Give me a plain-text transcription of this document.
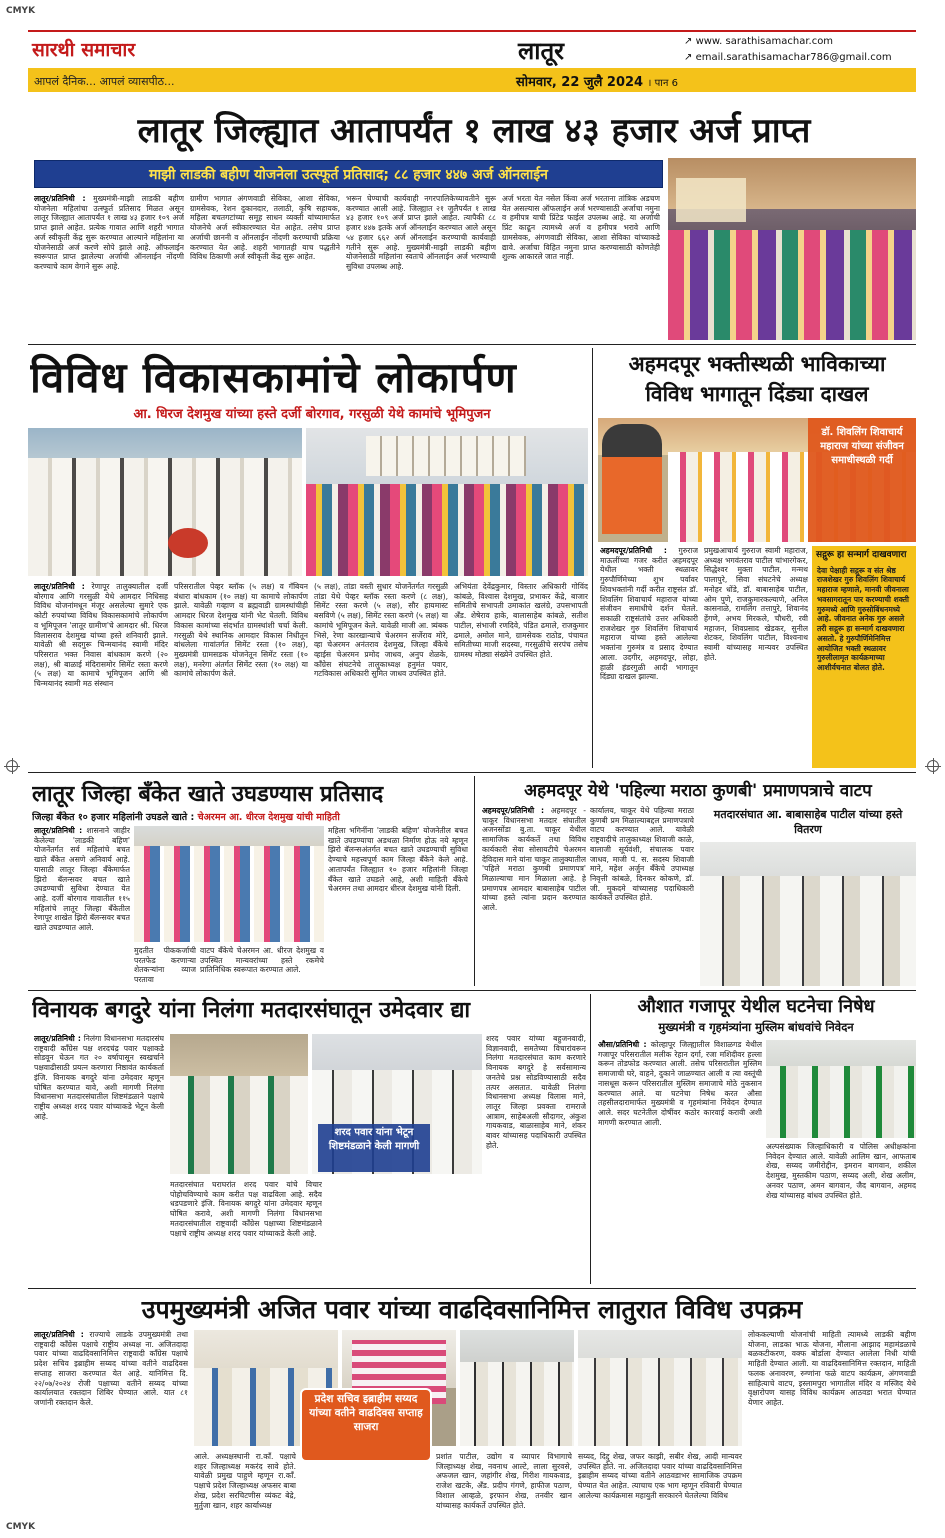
CMYK
CMYK
सारथी समाचार	लातूर	↗ www. sarathisamachar.com
↗ email.sarathisamachar786@gmail.com
आपलं दैनिक... आपलं व्यासपीठ...	सोमवार, 22 जुलै 2024 । पान 6
लातूर जिल्ह्यात आतापर्यंत १ लाख ४३ हजार अर्ज प्राप्त
माझी लाडकी बहीण योजनेला उत्स्फूर्त प्रतिसाद; ८८ हजार ४४७ अर्ज ऑनलाईन
लातूर/प्रतिनिधी : मुख्यमंत्री-माझी लाडकी बहीण योजनेला महिलांचा उत्स्फूर्त प्रतिसाद मिळत असून लातूर जिल्ह्यात आतापर्यंत १ लाख ४३ हजार १०९ अर्ज प्राप्त झाले आहेत. प्रत्येक गावात आणि शहरी भागात अर्ज स्वीकृती केंद्र सुरू करण्यात आल्याने महिलांना या योजनेसाठी अर्ज करणे सोपे झाले आहे. ऑफलाईन स्वरूपात प्राप्त झालेल्या अर्जाची ऑनलाईन नोंदणी करण्याचे काम वेगाने सुरू आहे.
ग्रामीण भागात अंगणवाडी सेविका, आशा सेविका, ग्रामसेवक, रेशन दुकानदार, तलाठी, कृषि सहायक, महिला बचतगटांच्या समूह साधन व्यक्ती यांच्यामार्फत योजनेचे अर्ज स्वीकारण्यात येत आहेत. तसेच प्राप्त अर्जाची छाननी व ऑनलाईन नोंदणी करण्याची प्रक्रिया करण्यात येत आहे. शहरी भागातही याच पद्धतीने विविध ठिकाणी अर्ज स्वीकृती केंद्र सुरू आहेत.
भरून घेण्याची कार्यवाही नगरपालिकेच्यावतीने सुरू करण्यात आली आहे. जिल्ह्यात २१ जुलैपर्यंत १ लाख ४३ हजार १०९ अर्ज प्राप्त झाले आहेत. त्यापैकी ८८ हजार ४४७ इतके अर्ज ऑनलाईन करण्यात आले असून ५४ हजार ६६२ अर्ज ऑनलाईन करण्याची कार्यवाही गतीने सुरू आहे. मुख्यमंत्री-माझी लाडकी बहीण योजनेसाठी महिलांना स्वतःचे ऑनलाईन अर्ज भरण्याची सुविधा उपलब्ध आहे.
अर्ज भरता येत नसेल किंवा अर्ज भरताना तांत्रिक अडचण येत असल्यास ऑफलाईन अर्ज भरण्यासाठी अर्जाचा नमुना व हमीपत्र याची प्रिंटेड फाईल उपलब्ध आहे. या अर्जाची प्रिंट काढून त्यामध्ये अर्ज व हमीपत्र भरावे आणि ग्रामसेवक, अंगणवाडी सेविका, आशा सेविका यांच्याकडे द्यावे. अर्जाचा विहित नमुना प्राप्त करण्यासाठी कोणतेही शुल्क आकारले जात नाही.
विविध विकासकामांचे लोकार्पण
आ. धिरज देशमुख यांच्या हस्ते दर्जी बोरगाव, गरसुळी येथे कामांचे भूमिपुजन
लातूर/प्रतिनिधी : रेणापूर तालुक्यातील दर्जी बोरगाव आणि गरसुळी येथे आमदार निधिसह विविध योजनांमधून मंजूर असलेल्या सुमारे एक कोटी रुपयांच्या विविध विकासकामांचे लोकार्पण व भूमिपूजन 'लातूर ग्रामीण'चे आमदार श्री. धिरज विलासराव देशमुख यांच्या हस्ते शनिवारी झाले. यावेळी श्री सदगुरू चिन्मयानंद स्वामी मंदिर परिसरात भक्त निवास बांधकाम करणे (२० लक्ष), श्री बाळाई मंदिरासमोर सिमेंट रस्ता करणे (५ लक्ष) या कामाचे भूमिपूजन आणि श्री चिन्मयानंद स्वामी मठ संस्थान
परिसरातील पेव्हर ब्लॉक (५ लक्ष) व गॅबियन बंधारा बांधकाम (१० लक्ष) या कामाचे लोकार्पण झाले. यावेळी गव्हाण व ब्रह्मवाडी ग्रामस्थांचीही आमदार धिरज देशमुख यांनी भेट घेतली. विविध विकास कामांच्या संदर्भात ग्रामस्थांशी चर्चा केली. गरसुळी येथे स्थानिक आमदार विकास निधीतून बांधलेला गावांतर्गत सिमेंट रस्ता (१० लक्ष), मुख्यमंत्री ग्रामसडक योजनेतून सिमेंट रस्ता (१० लक्ष), मनरेगा अंतर्गत सिमेंट रस्ता (१० लक्ष) या कामांचे लोकार्पण केले.
(५ लक्ष), तांडा वस्ती सुधार योजनेंतर्गत गरसुळी तांडा येथे पेव्हर ब्लॉक रस्ता करणे (८ लक्ष), सिमेंट रस्ता करणे (५ लक्ष), सौर हायमास्ट बसविणे (५ लक्ष), सिमेंट रस्ता करणे (५ लक्ष) या कामांचे भूमिपूजन केले. यावेळी माजी आ. त्र्यंबक भिसे, रेणा कारखान्याचे चेअरमन सर्जेराव मोरे, व्हा चेअरमन अनंतराव देशमुख, जिल्हा बँकेचे व्हाईस चेअरमन प्रमोद जाधव, अनुप शेळके, काँग्रेस संघटनेचे तालुकाध्यक्ष हनुमंत पवार, गटविकास अधिकारी सुमित जाधव उपस्थित होते.
अभियंता देवेंद्रकुमार, विस्तार अधिकारी गोविंद कांबळे, विश्वास देशमुख, प्रभाकर केंद्रे, बाजार समितीचे सभापती उमाकांत खलंग्रे, उपसभापती अँड. शेषेराव हाके, बालासाहेब कांबळे, सतीश पाटील, संभाजी रणदिवे, पंडित ढमाले, राजकुमार ढमाले, अमोल माने, ग्रामसेवक राठोड, पंचायत समितीच्या माजी सदस्या, गरसुळीचे सरपंच तसेच ग्रामस्थ मोठ्या संख्येने उपस्थित होते.
अहमदपूर भक्तीस्थळी भाविकाच्या
विविध भागातून दिंड्या दाखल
डॉ. शिवलिंग शिवाचार्य महाराज यांच्या संजीवन समाधीस्थळी गर्दी
अहमदपूर/प्रतिनिधी : गुरुराज माऊलींच्या गजर करीत अहमदपूर येथील भक्ती स्थळावर गुरुपौर्णिमेच्या शुभ पर्वावर शिवभक्तांनी गर्दी करीत राष्ट्रसंत डॉ. शिवलिंग शिवाचार्य महाराज यांच्या संजीवन समाधीचे दर्शन घेतले. सकाळी राष्ट्रसंतांचे उत्तर अधिकारी राजशेखर गुरु शिवलिंग शिवाचार्य महाराज यांच्या हस्ते आलेल्या भक्तांना गुरुमंत्र व प्रसाद देण्यात आला. उदगीर, अहमदपूर, लोहा, हाळी हंडरगुळी आदी भागातून दिंड्या दाखल झाल्या.
प्रमुखआचार्य गुरुराज स्वामी महाराज, अध्यक्ष भगवंतराव पाटील चांभारगेकर, सिद्धेश्वर मुक्ता पाटील, मन्मथ पालापुरे, सिवा संघटनेचे अध्यक्ष मनोहर धोंडे, डॉ. बाबासाहेब पाटील, ओम पुणे, राजकुमारकल्याणे, अनिल कासनाळे, रामलिंग तत्तापुरे, शिवानंद हेंगणे, अभय मिरकले, चौधरी, रवी महाजन, शिवप्रसाद खेडकर, सुनील शेटकर, शिवलिंग पाटील, विश्वनाथ स्वामी यांच्यासह मान्यवर उपस्थित होते.
सद्गुरू हा सन्मार्ग दाखवणारा
देवा पेक्षाही सद्गुरू व संत श्रेष्ठ राजशेखर गुरु शिवलिंग शिवाचार्य महाराज म्हणाले, मानवी जीवनाला भवसागरातून पार करण्याची शक्ती गुरुमध्ये आणि गुरुसोबिंधनमध्ये आहे. जीवनात अनेक गुरु असले तरी सद्गुरू हा सन्मार्ग दाखवणारा असतो. हे गुरुपौर्णिमेनिमित्त आयोजित भक्ती स्थळावर गुरुलीलामृत कार्यक्रमाच्या आशीर्वचनात बोलत होते.
लातूर जिल्हा बँकेत खाते उघडण्यास प्रतिसाद
जिल्हा बँकेत १० हजार महिलांनी उघडले खाते : चेअरमन आ. धीरज देशमुख यांची माहिती
लातूर/प्रतिनिधी : शासनाने जाहीर केलेल्या 'लाडकी बहिण' योजनेंतर्गत सर्व महिलांचे बचत खाते बँकेत असणे अनिवार्य आहे. यासाठी लातूर जिल्हा बँकेमार्फत झिरो बॅलन्सवर बचत खाते उघडण्याची सुविधा देण्यात येत आहे. दर्जी बोरगाव गावातील ११५ महिलांचे लातूर जिल्हा बँकेतील रेणापूर शाखेत झिरो बॅलन्सवर बचत खाते उघडण्यात आले.
मुदतीत पीककर्जाची परतफेड करणाऱ्या शेतकऱ्यांना व्याज परतावा
वाटप बँकेचे चेअरमन आ. धीरज देशमुख व उपस्थित मान्यवरांच्या हस्ते रकमेचे प्रातिनिधिक स्वरूपात करण्यात आले.
महिला भगिनींना 'लाडकी बहिण' योजनेतील बचत खाते उघडण्याचा अडथळा निर्माण होऊ नये म्हणून झिरो बॅलन्सअंतर्गत बचत खाते उघडण्याची सुविधा देण्याचे महत्त्वपूर्ण काम जिल्हा बँकेने केले आहे. आतापर्यंत जिल्ह्यात १० हजार महिलांनी जिल्हा बँकेत खाते उघडले आहे, अशी माहिती बँकेचे चेअरमन तथा आमदार धीरज देशमुख यांनी दिली.
अहमदपूर येथे 'पहिल्या मराठा कुणबी' प्रमाणपत्राचे वाटप
अहमदपूर/प्रतिनिधी : अहमदपूर - चाकूर विधानसभा मतदार संघातील अजनसोंडा बु.ता. चाकूर येथील सामाजिक कार्यकर्ते तथा विविध कार्यकारी सेवा सोसायटीचे चेअरमन देविदास माने यांना चाकूर तालुक्यातील 'पहिले मराठा कुणबी प्रमाणपत्र' मिळाल्याचा मान मिळाला आहे. हे प्रमाणपत्र आमदार बाबासाहेब पाटील यांच्या हस्ते त्यांना प्रदान करण्यात आले.
कार्यालय, चाकूर येथे पहिल्या मराठा कुणबी प्रम मिळाल्याबद्दल प्रमाणपत्राचे वाटप करण्यात आले. यावेळी राष्ट्रवादीचे तालुकाध्यक्ष शिवाजी काळे, बालाजी सूर्यवंशी, संचालक पवार जाधव, माजी पं. स. सदस्य शिवाजी माने, महेश अर्जुन बँकेचे उपाध्यक्ष निवृत्ती कांबळे, दिनकर कोकणे, डॉ. जी. मुकदमे यांच्यासह पदाधिकारी कार्यकर्ते उपस्थित होते.
मतदारसंघात आ. बाबासाहेब पाटील यांच्या हस्ते वितरण
विनायक बगदुरे यांना निलंगा मतदारसंघातून उमेदवार द्या
लातूर/प्रतिनिधी : निलंगा विधानसभा मतदारसंघ राष्ट्रवादी काँग्रेस पक्ष शरदचंद्र पवार पक्षाकडे सोडवून घेऊन गत २० वर्षापासून स्वखर्चाने पक्षवाढीसाठी प्रयत्न करणारा निष्ठावंत कार्यकर्ता इंजि. विनायक बगदुरे यांना उमेदवार म्हणून घोषित करण्यात यावे, अशी मागणी निलंगा विधानसभा मतदारसंघातील शिष्टमंडळाने पक्षाचे राष्ट्रीय अध्यक्ष शरद पवार यांच्याकडे भेटून केली आहे.
शरद पवार यांना भेटून शिष्टमंडळाने केली मागणी
मतदारसंघात घराघरांत शरद पवार यांचे विचार पोहोचविण्याचे काम करीत पक्ष वाढविला आहे. सदैव धडपडणारे इंजि. विनायक बगदुरे यांना उमेदवार म्हणून घोषित करावे, अशी मागणी निलंगा विधानसभा मतदारसंघातील राष्ट्रवादी काँग्रेस पक्षाच्या शिष्टमंडळाने पक्षाचे राष्ट्रीय अध्यक्ष शरद पवार यांच्याकडे केली आहे.
शरद पवार यांच्या बहुजनवादी, विज्ञानवादी, समतेच्या विचारांवरून निलंगा मतदारसंघात काम करणारे विनायक बगदुरे हे सर्वसामान्य जनतेचे प्रश्न सोडविण्यासाठी सदैव तत्पर असतात. यावेळी निलंगा विधानसभा अध्यक्ष विलास माने, लातूर जिल्हा प्रवक्ता रामराजे आत्राम, साहेबअली सौदागर, अंकुश गायकवाड, बाळासाहेब माने, शंकर बावर यांच्यासह पदाधिकारी उपस्थित होते.
औशात गजापूर येथील घटनेचा निषेध
मुख्यमंत्री व गृहमंत्र्यांना मुस्लिम बांधवांचे निवेदन
औसा/प्रतिनिधी : कोल्हापूर जिल्ह्यातील विशाळगड येथील गजापूर परिसरातील मलीक रेहान दर्गा, रजा मशिदीवर हल्ला करून तोडफोड करण्यात आली. तसेच परिसरातील मुस्लिम समाजाची घरे, वाहने, दुकाने जाळण्यात आली व त्या वस्तूंची नासधूस करून परिसरातील मुस्लिम समाजाचे मोठे नुकसान करण्यात आले. या घटनेचा निषेध करत औसा तहसीलदारामार्फत मुख्यमंत्री व गृहमंत्र्यांना निवेदन देण्यात आले. सदर घटनेतील दोषींवर कठोर कारवाई करावी अशी मागणी करण्यात आली.
अल्पसंख्याक जिल्हाधिकारी व पोलिस अधीक्षकांना निवेदन देण्यात आले. यावेळी आलिम खान, आफताब शेख, सय्यद जमीरोद्दीन, इमरान बागवान, शकील देशमुख, मुस्तकीम पठाण, सय्यद अली, शेख अलीम, अनवर पठाण, अमन बागवान, जैद बागवान, अहमद शेख यांच्यासह बांधव उपस्थित होते.
उपमुख्यमंत्री अजित पवार यांच्या वाढदिवसानिमित्त लातुरात विविध उपक्रम
लातूर/प्रतिनिधी : राज्याचे लाडके उपमुख्यमंत्री तथा राष्ट्रवादी काँग्रेस पक्षाचे राष्ट्रीय अध्यक्ष ना. अजितदादा पवार यांच्या वाढदिवसानिमित्त राष्ट्रवादी काँग्रेस पक्षाचे प्रदेश सचिव इब्राहीम सय्यद यांच्या वतीने वाढदिवस सप्ताह साजरा करण्यात येत आहे. यानिमित्त दि. २२/०७/२०२४ रोजी पक्षाच्या वतीने सय्यद यांच्या कार्यालयात रक्तदान शिबिर घेण्यात आले. यात ८१ जणांनी रक्तदान केले.	प्रदेश सचिव इब्राहीम सय्यद यांच्या वतीने वाढदिवस सप्ताह साजरा
आले. अध्यक्षस्थानी रा.कॉं. पक्षाचे शहर जिल्हाध्यक्ष मकरंद सावे होते. यावेळी प्रमुख पाहुणे म्हणून रा.कॉं. पक्षाचे प्रदेश जिल्हाध्यक्ष अफसर बाबा शेख, प्रदेश सरचिटणीस व्यंकट बेद्रे, मुर्तुजा खान, शहर कार्याध्यक्ष
प्रशांत पाटील, उद्योग व व्यापार विभागाचे जिल्हाध्यक्ष शेख, नवनाथ आल्टे, लाला सुरवसे, अफजल खान, जहांगीर शेख, गिरीश गायकवाड, राजेश खटके, अँड. प्रदीप गंगणे, हाफीज पठाण, विशाल आव्हळे, इरफान शेख, तनवीर खान यांच्यासह कार्यकर्ते उपस्थित होते.
सय्यद, दिद्दु शेख, जफर काझी, सबीर शेख, आदी मान्यवर उपस्थित होते. ना. अजितदादा पवार यांच्या वाढदिवसानिमित्त इब्राहीम सय्यद यांच्या वतीने आठवडाभर सामाजिक उपक्रम घेण्यात येत आहेत. त्याचाच एक भाग म्हणून रविवारी घेण्यात आलेल्या कार्यक्रमास महायुती सरकारने घेतलेल्या विविध
लोककल्याणी योजनांची माहिती त्यामध्ये लाडकी बहीण योजना, लाडका भाऊ योजना, मौलाना आझाद महामंडळाचे बळकटीकरण, वक्फ बोर्डाला देण्यात आलेला निधी यांची माहिती देण्यात आली. या वाढदिवसानिमित्त रक्तदान, माहिती फलक अनावरण, रुग्णांना फळे वाटप कार्यक्रम, अंगणवाडी साहित्याचे वाटप, इस्लामपुरा भागातील मंदिर व मस्जिद येथे वृक्षारोपण यासह विविध कार्यक्रम आठवडा भरात घेण्यात येणार आहेत.
